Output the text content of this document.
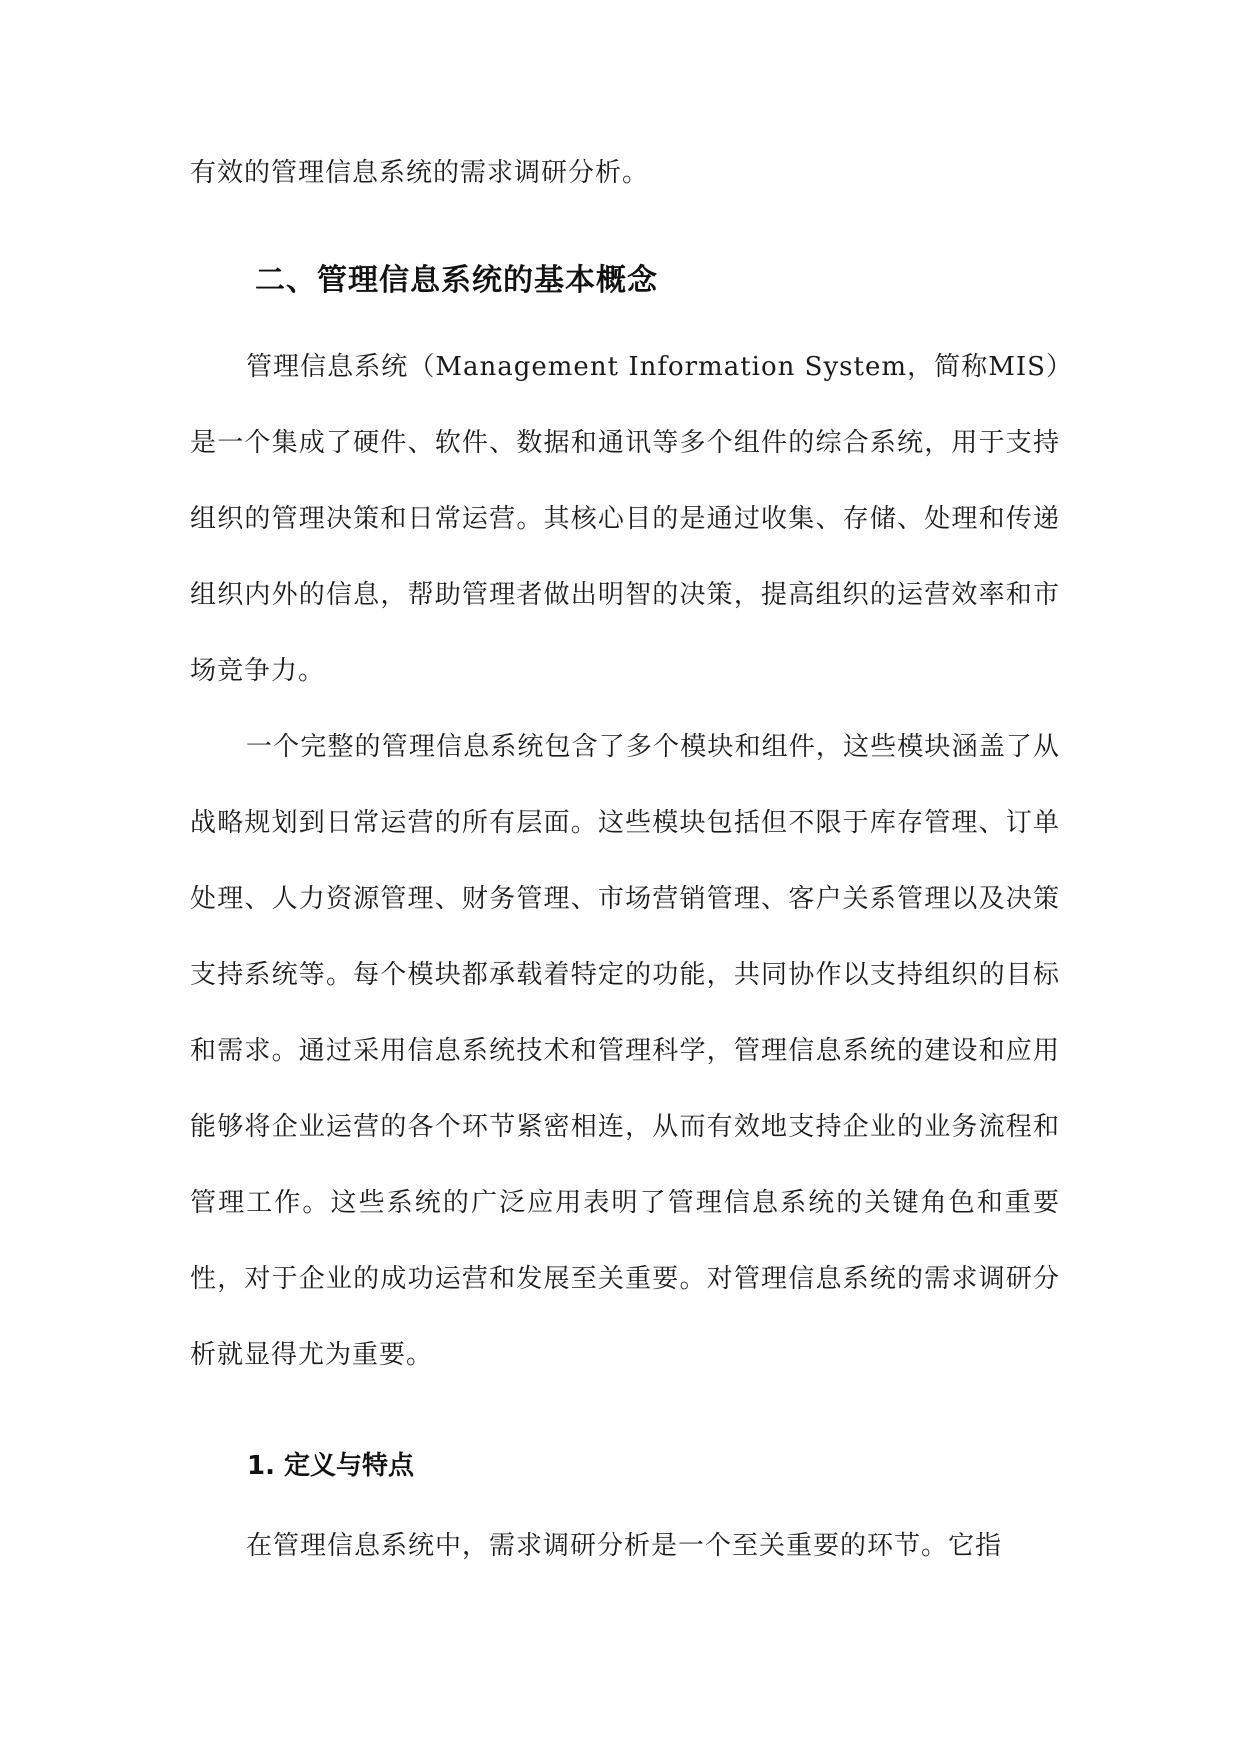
有效的管理信息系统的需求调研分析。

二、管理信息系统的基本概念

管理信息系统（Management Information System，简称MIS）是一个集成了硬件、软件、数据和通讯等多个组件的综合系统，用于支持组织的管理决策和日常运营。其核心目的是通过收集、存储、处理和传递组织内外的信息，帮助管理者做出明智的决策，提高组织的运营效率和市场竞争力。

一个完整的管理信息系统包含了多个模块和组件，这些模块涵盖了从战略规划到日常运营的所有层面。这些模块包括但不限于库存管理、订单处理、人力资源管理、财务管理、市场营销管理、客户关系管理以及决策支持系统等。每个模块都承载着特定的功能，共同协作以支持组织的目标和需求。通过采用信息系统技术和管理科学，管理信息系统的建设和应用能够将企业运营的各个环节紧密相连，从而有效地支持企业的业务流程和管理工作。这些系统的广泛应用表明了管理信息系统的关键角色和重要性，对于企业的成功运营和发展至关重要。对管理信息系统的需求调研分析就显得尤为重要。

1. 定义与特点

在管理信息系统中，需求调研分析是一个至关重要的环节。它指
